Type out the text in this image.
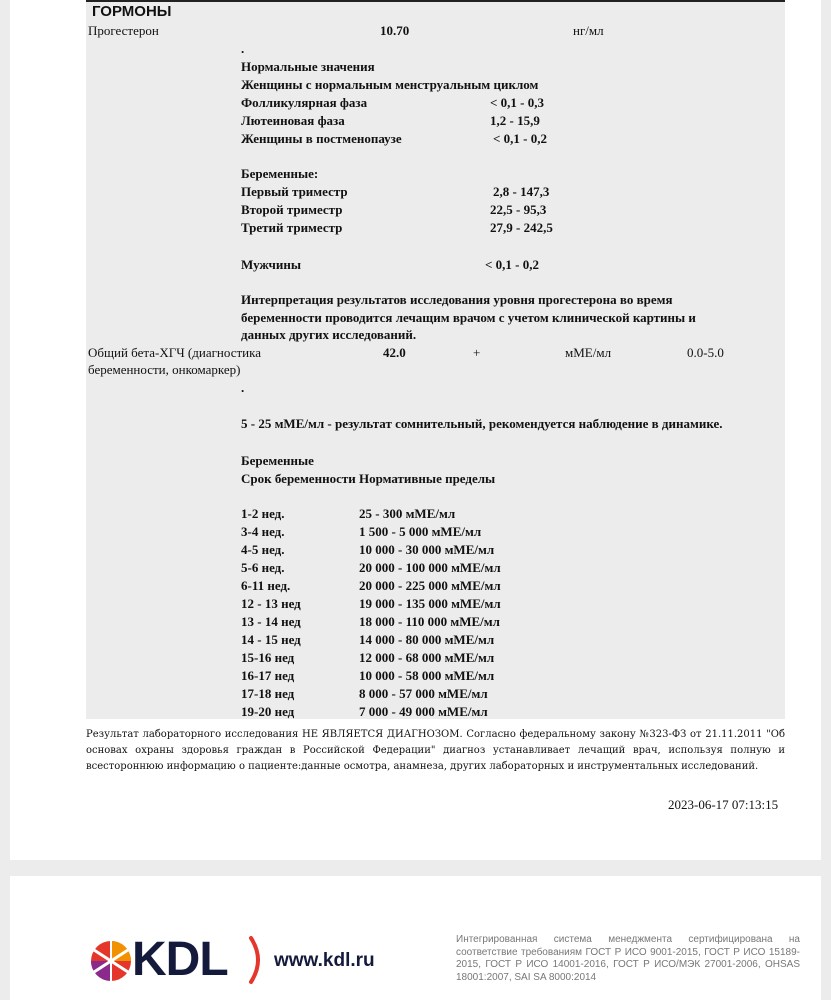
ГОРМОНЫ
Прогестерон	10.70	нг/мл
.
Нормальные значения
Женщины с нормальным менструальным циклом
Фолликулярная фаза	< 0,1 - 0,3
Лютеиновая фаза	1,2 - 15,9
Женщины в постменопаузе	< 0,1 - 0,2
Беременные:
Первый триместр	2,8 - 147,3
Второй триместр	22,5 - 95,3
Третий триместр	27,9 - 242,5
Мужчины	< 0,1 - 0,2
Интерпретация результатов исследования уровня прогестерона во время
беременности проводится лечащим врачом с учетом клинической картины и
данных других исследований.
Общий бета-ХГЧ (диагностика
беременности, онкомаркер)
42.0	+	мМЕ/мл	0.0-5.0
.
5 - 25 мМЕ/мл - результат сомнительный, рекомендуется наблюдение в динамике.
Беременные
Срок беременности Нормативные пределы
1-2 нед.	25 - 300 мМЕ/мл
3-4 нед.	1 500 - 5 000 мМЕ/мл
4-5 нед.	10 000 - 30 000 мМЕ/мл
5-6 нед.	20 000 - 100 000 мМЕ/мл
6-11 нед.	20 000 - 225 000 мМЕ/мл
12 - 13 нед	19 000 - 135 000 мМЕ/мл
13 - 14 нед	18 000 - 110 000 мМЕ/мл
14 - 15 нед	14 000 - 80 000 мМЕ/мл
15-16 нед	12 000 - 68 000 мМЕ/мл
16-17 нед	10 000 - 58 000 мМЕ/мл
17-18 нед	8 000 - 57 000 мМЕ/мл
19-20 нед	7 000 - 49 000 мМЕ/мл
Результат лабораторного исследования НЕ ЯВЛЯЕТСЯ ДИАГНОЗОМ. Согласно федеральному закону №323-ФЗ от 21.11.2011 "Об основах охраны здоровья граждан в Российской Федерации" диагноз устанавливает лечащий врач, используя полную и всестороннюю информацию о пациенте:данные осмотра, анамнеза, других лабораторных и инструментальных исследований.
2023-06-17 07:13:15
KDL www.kdl.ru
Интегрированная система менеджмента сертифицирована на соответствие требованиям ГОСТ Р ИСО 9001-2015, ГОСТ Р ИСО 15189-2015, ГОСТ Р ИСО 14001-2016, ГОСТ Р ИСО/МЭК 27001-2006, OHSAS 18001:2007, SAI SA 8000:2014
